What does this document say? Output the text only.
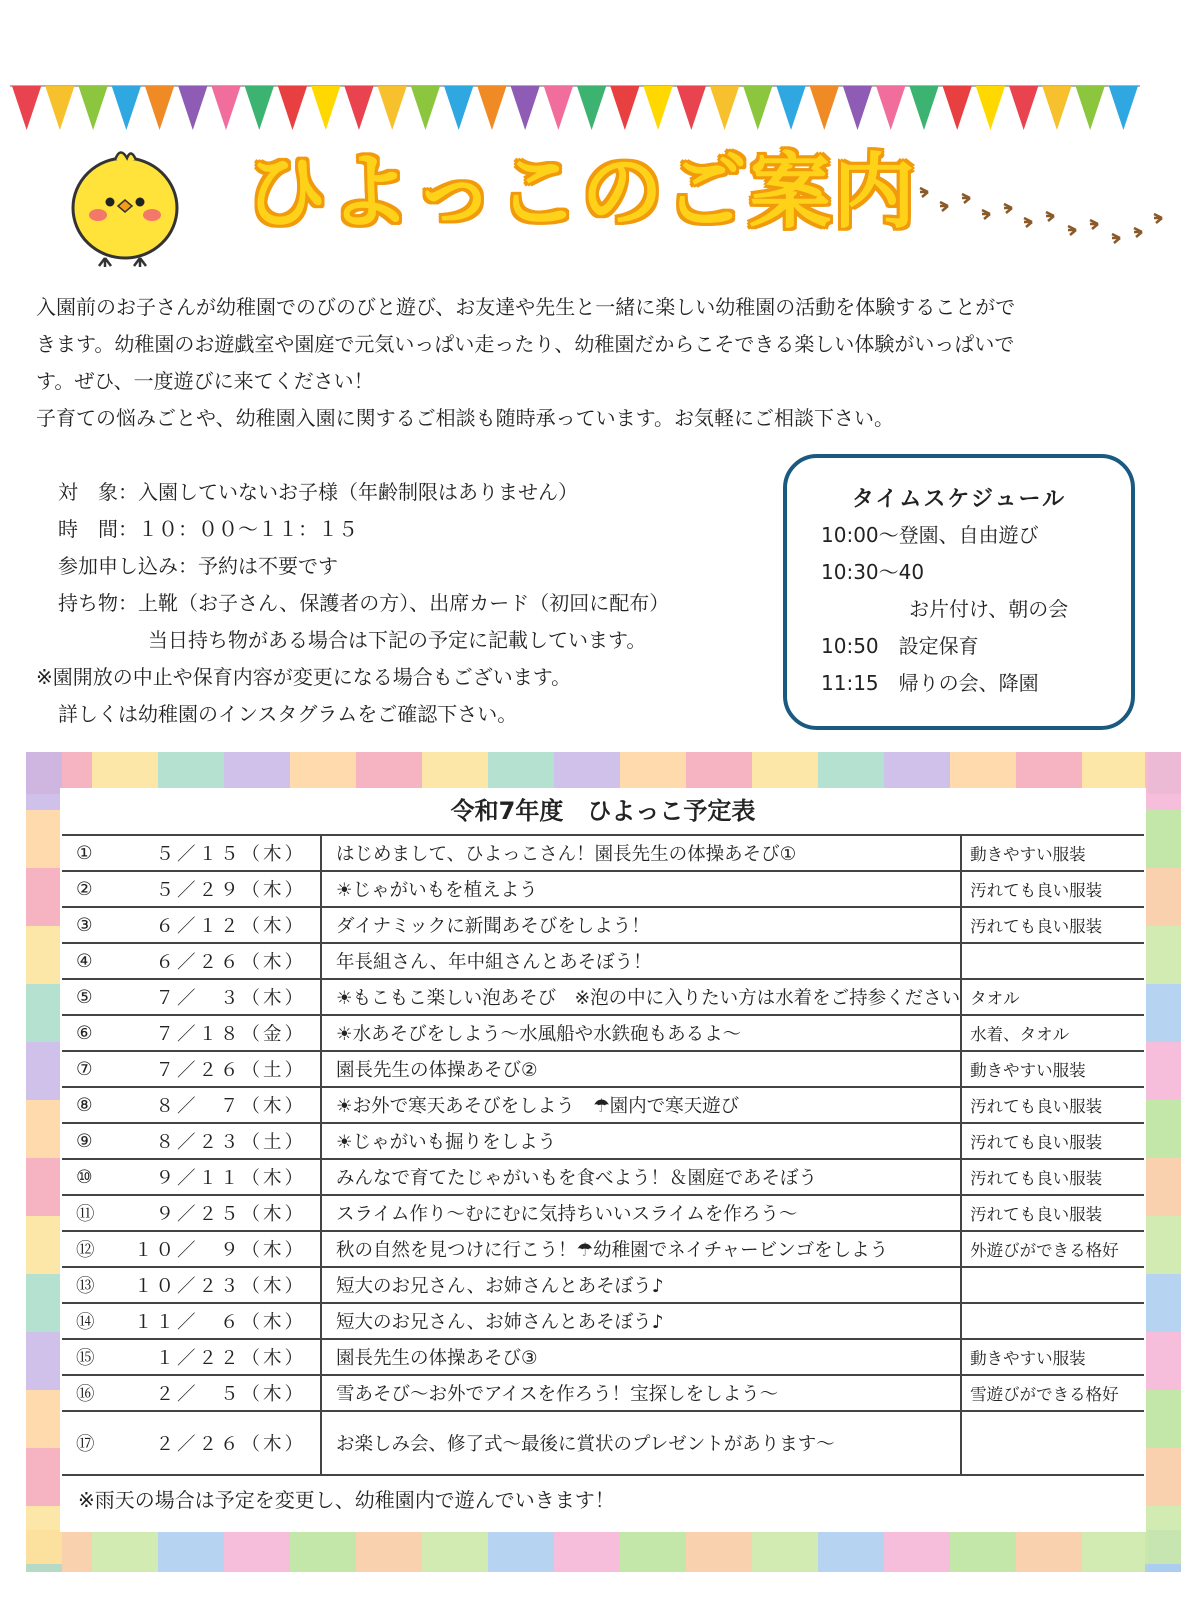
ひよっこのご案内

入園前のお子さんが幼稚園でのびのびと遊び、お友達や先生と一緒に楽しい幼稚園の活動を体験することがで

きます。幼稚園のお遊戯室や園庭で元気いっぱい走ったり、幼稚園だからこそできる楽しい体験がいっぱいで

す。ぜひ、一度遊びに来てください！

子育ての悩みごとや、幼稚園入園に関するご相談も随時承っています。お気軽にご相談下さい。

対　象：入園していないお子様（年齢制限はありません）
時　間：１０：００～１１：１５
参加申し込み：予約は不要です
持ち物：上靴（お子さん、保護者の方）、出席カード（初回に配布）
当日持ち物がある場合は下記の予定に記載しています。
※園開放の中止や保育内容が変更になる場合もございます。
詳しくは幼稚園のインスタグラムをご確認下さい。
タイムスケジュール
10:00～登園、自由遊び
10:30～40
お片付け、朝の会
10:50　設定保育
11:15　帰りの会、降園
令和7年度　ひよっこ予定表
①	５／１５（木）	はじめまして、ひよっこさん！園長先生の体操あそび①	動きやすい服装
②	５／２９（木）	☀じゃがいもを植えよう	汚れても良い服装
③	６／１２（木）	ダイナミックに新聞あそびをしよう！	汚れても良い服装
④	６／２６（木）	年長組さん、年中組さんとあそぼう！	
⑤	７／　３（木）	☀もこもこ楽しい泡あそび　※泡の中に入りたい方は水着をご持参ください	タオル
⑥	７／１８（金）	☀水あそびをしよう～水風船や水鉄砲もあるよ～	水着、タオル
⑦	７／２６（土）	園長先生の体操あそび②	動きやすい服装
⑧	８／　７（木）	☀お外で寒天あそびをしよう　☂園内で寒天遊び	汚れても良い服装
⑨	８／２３（土）	☀じゃがいも掘りをしよう	汚れても良い服装
⑩	９／１１（木）	みんなで育てたじゃがいもを食べよう！＆園庭であそぼう	汚れても良い服装
⑪	９／２５（木）	スライム作り～むにむに気持ちいいスライムを作ろう～	汚れても良い服装
⑫	１０／　９（木）	秋の自然を見つけに行こう！☂幼稚園でネイチャービンゴをしよう	外遊びができる格好
⑬	１０／２３（木）	短大のお兄さん、お姉さんとあそぼう♪	
⑭	１１／　６（木）	短大のお兄さん、お姉さんとあそぼう♪	
⑮	１／２２（木）	園長先生の体操あそび③	動きやすい服装
⑯	２／　５（木）	雪あそび～お外でアイスを作ろう！宝探しをしよう～	雪遊びができる格好
⑰	２／２６（木）	お楽しみ会、修了式～最後に賞状のプレゼントがあります～	
※雨天の場合は予定を変更し、幼稚園内で遊んでいきます！
